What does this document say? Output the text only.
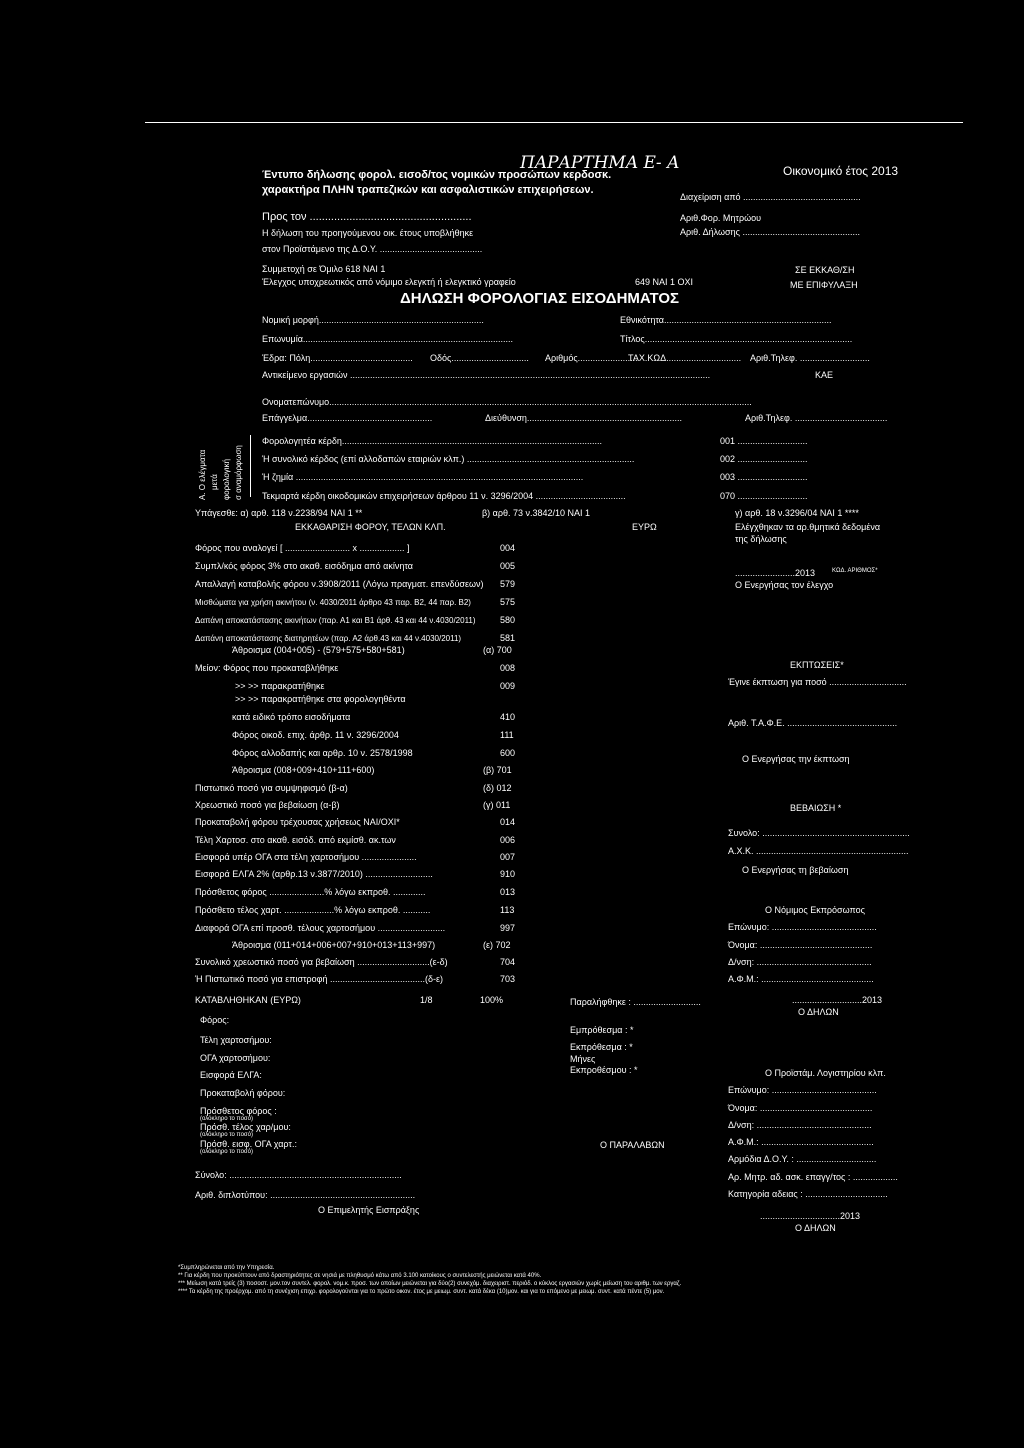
ΠΑΡΑΡΤΗΜΑ Ε- Α
Έντυπο δήλωσης φορολ. εισοδ/τος νομικών προσώπων κερδοσκ.
χαρακτήρα ΠΛΗΝ τραπεζικών και ασφαλιστικών επιχειρήσεων.
Οικονομικό έτος 2013
Διαχείριση από ...............................................
Προς τον .....................................................	Αριθ.Φορ. Μητρώου
Η δήλωση του προηγούμενου οικ. έτους υποβλήθηκε	Αριθ. Δήλωσης ...............................................
στον Προϊστάμενο της Δ.Ο.Υ. .........................................
Συμμετοχή σε Όμιλο 618 ΝΑΙ 1
Έλεγχος υποχρεωτικός από νόμιμο ελεγκτή ή ελεγκτικό γραφείο	649 ΝΑΙ 1 ΟΧΙ
ΣΕ ΕΚΚΑΘ/ΣΗ
ΜΕ ΕΠΙΦΥΛΑΞΗ
ΔΗΛΩΣΗ ΦΟΡΟΛΟΓΙΑΣ ΕΙΣΟΔΗΜΑΤΟΣ
Νομική μορφή..................................................................	Εθνικότητα...................................................................
Επωνυμία....................................................................................	Τίτλος...................................................................................
Έδρα: Πόλη......................................... Οδός............................... Αριθμός........................
ΤΑΧ.ΚΩΔ.............................. Αριθ.Τηλεφ. ............................
Αντικείμενο εργασιών ................................................................................................................................................	ΚΑΕ
Ονοματεπώνυμο.........................................................................................................................................................................
Επάγγελμα..................................................	Διεύθυνση..............................................................	Αριθ.Τηλεφ. .....................................
Α. Ο ελέγματα μετά φορολογική σ αναμόρφωση
Φορολογητέα κέρδη........................................................................................................	001 ............................
Ή συνολικό κέρδος (επί αλλοδαπών εταιριών κλπ.) ...................................................................	002 ............................
Ή ζημία ...................................................................................................................	003 ............................
Τεκμαρτά κέρδη οικοδομικών επιχειρήσεων άρθρου 11 ν. 3296/2004 ....................................	070 ............................
Υπάγεσθε: α) αρθ. 118 ν.2238/94 ΝΑΙ 1 **	β) αρθ. 73 ν.3842/10 ΝΑΙ 1	γ) αρθ. 18 ν.3296/04 ΝΑΙ 1 ****
ΕΚΚΑΘΑΡΙΣΗ ΦΟΡΟΥ, ΤΕΛΩΝ ΚΛΠ.	ΕΥΡΩ	Ελέγχθηκαν τα αρ.θμητικά δεδομένα
της δήλωσης
Φόρος που αναλογεί [ .......................... x .................. ]	004
Συμπλ/κός φόρος 3% στο ακαθ. εισόδημα από ακίνητα	005
Απαλλαγή καταβολής φόρου ν.3908/2011 (Λόγω πραγματ. επενδύσεων) 579
Μισθώματα για χρήση ακινήτου (ν. 4030/2011 άρθρο 43 παρ. Β2, 44 παρ. Β2)	575
Δαπάνη αποκατάστασης ακινήτων (παρ. Α1 και Β1 άρθ. 43 και 44 ν.4030/2011)	580
Δαπάνη αποκατάστασης διατηρητέων (παρ. Α2 άρθ.43 και 44 ν.4030/2011)	581
Άθροισμα (004+005) - (579+575+580+581)	(α) 700
Μείον: Φόρος που προκαταβλήθηκε	008
>> >> παρακρατήθηκε	009
>> >> παρακρατήθηκε στα φορολογηθέντα
κατά ειδικό τρόπο εισοδήματα	410
Φόρος οικοδ. επιχ. άρθρ. 11 ν. 3296/2004	111
Φόρος αλλοδαπής και αρθρ. 10 ν. 2578/1998	600
Άθροισμα (008+009+410+111+600)	(β) 701
Πιστωτικό ποσό για συμψηφισμό (β-α)	(δ) 012
Χρεωστικό ποσό για βεβαίωση (α-β)	(γ) 011
Προκαταβολή φόρου τρέχουσας χρήσεως ΝΑΙ/ΟΧΙ*	014
Τέλη Χαρτοσ. στο ακαθ. εισόδ. από εκμίσθ. ακ.των	006
Εισφορά υπέρ ΟΓΑ στα τέλη χαρτοσήμου ......................	007
Εισφορά ΕΛΓΑ 2% (αρθρ.13 ν.3877/2010) ...........................	910
Πρόσθετος φόρος ......................% λόγω εκπροθ. .............	013
Πρόσθετο τέλος χαρτ. ....................% λόγω εκπροθ. ...........	113
Διαφορά ΟΓΑ επί προσθ. τέλους χαρτοσήμου ...........................	997
Άθροισμα (011+014+006+007+910+013+113+997)	(ε) 702
Συνολικό χρεωστικό ποσό για βεβαίωση .............................(ε-δ)	704
Ή Πιστωτικό ποσό για επιστροφή ......................................(δ-ε)	703
........................2013	ΚΩΔ. ΑΡΙΘΜΟΣ*
Ο Ενεργήσας τον έλεγχο
ΕΚΠΤΩΣΕΙΣ*
Έγινε έκπτωση για ποσό ...............................
Αριθ. Τ.Α.Φ.Ε. ............................................
Ο Ενεργήσας την έκπτωση
ΒΕΒΑΙΩΣΗ *
Συνολο: ...........................................................
Α.Χ.Κ. .............................................................
Ο Ενεργήσας τη βεβαίωση
Ο Νόμιμος Εκπρόσωπος
Επώνυμο: ..........................................
Όνομα: .............................................
Δ/νση: ..............................................
Α.Φ.Μ.: .............................................
............................2013
Ο ΔΗΛΩΝ
Ο Προϊστάμ. Λογιστηρίου κλπ.
Επώνυμο: ..........................................
Όνομα: .............................................
Δ/νση: ..............................................
Α.Φ.Μ.: .............................................
Αρμόδια Δ.Ο.Υ. : ................................
Αρ. Μητρ. αδ. ασκ. επαγγ/τος : ..................
Κατηγορία αδειας : .................................
................................2013
Ο ΔΗΛΩΝ
ΚΑΤΑΒΛΗΘΗΚΑΝ (ΕΥΡΩ)	1/8	100%	Παραλήφθηκε : ...........................
Εμπρόθεσμα : *
Εκπρόθεσμα : *
Μήνες
Εκπροθέσμου : *
Ο ΠΑΡΑΛΑΒΩΝ
Φόρος:
Τέλη χαρτοσήμου:
ΟΓΑ χαρτοσήμου:
Εισφορά ΕΛΓΑ:
Προκαταβολή φόρου:
Πρόσθετος φόρος :
(ολόκληρο το ποσό)
Πρόσθ. τέλος χαρ/μου:
(ολόκληρο το ποσό)
Πρόσθ. εισφ. ΟΓΑ χαρτ.:
(ολόκληρο το ποσό)
Σύνολο: .....................................................................
Αριθ. διπλοτύπου: ..........................................................
Ο Επιμελητής Εισπράξης
*Συμπληρώνεται από την Υπηρεσία.
** Για κέρδη που προκύπτουν από δραστηριότητες σε νησιά με πληθυσμό κάτω από 3.100 κατοίκους ο συντελεστής μειώνεται κατά 40%.
*** Μείωση κατά τρείς (3) ποσοστ. μον.τον συντελ. φορολ. νομ.κ. προσ. των οποίων μειώνεται για δύο(2) συνεχόμ. διαχειριστ. περιόδ. ο κύκλος εργασιών χωρίς μείωση του αριθμ. των εργαζ.
**** Τα κέρδη της προέρχομ. από τη συνέχιση επιχρ. φορολογούνται για το πρώτο οικον. έτος με μειωμ. συντ. κατά δέκα (10)μον. και για το επόμενο με μειωμ. συντ. κατά πέντε (5) μον.
